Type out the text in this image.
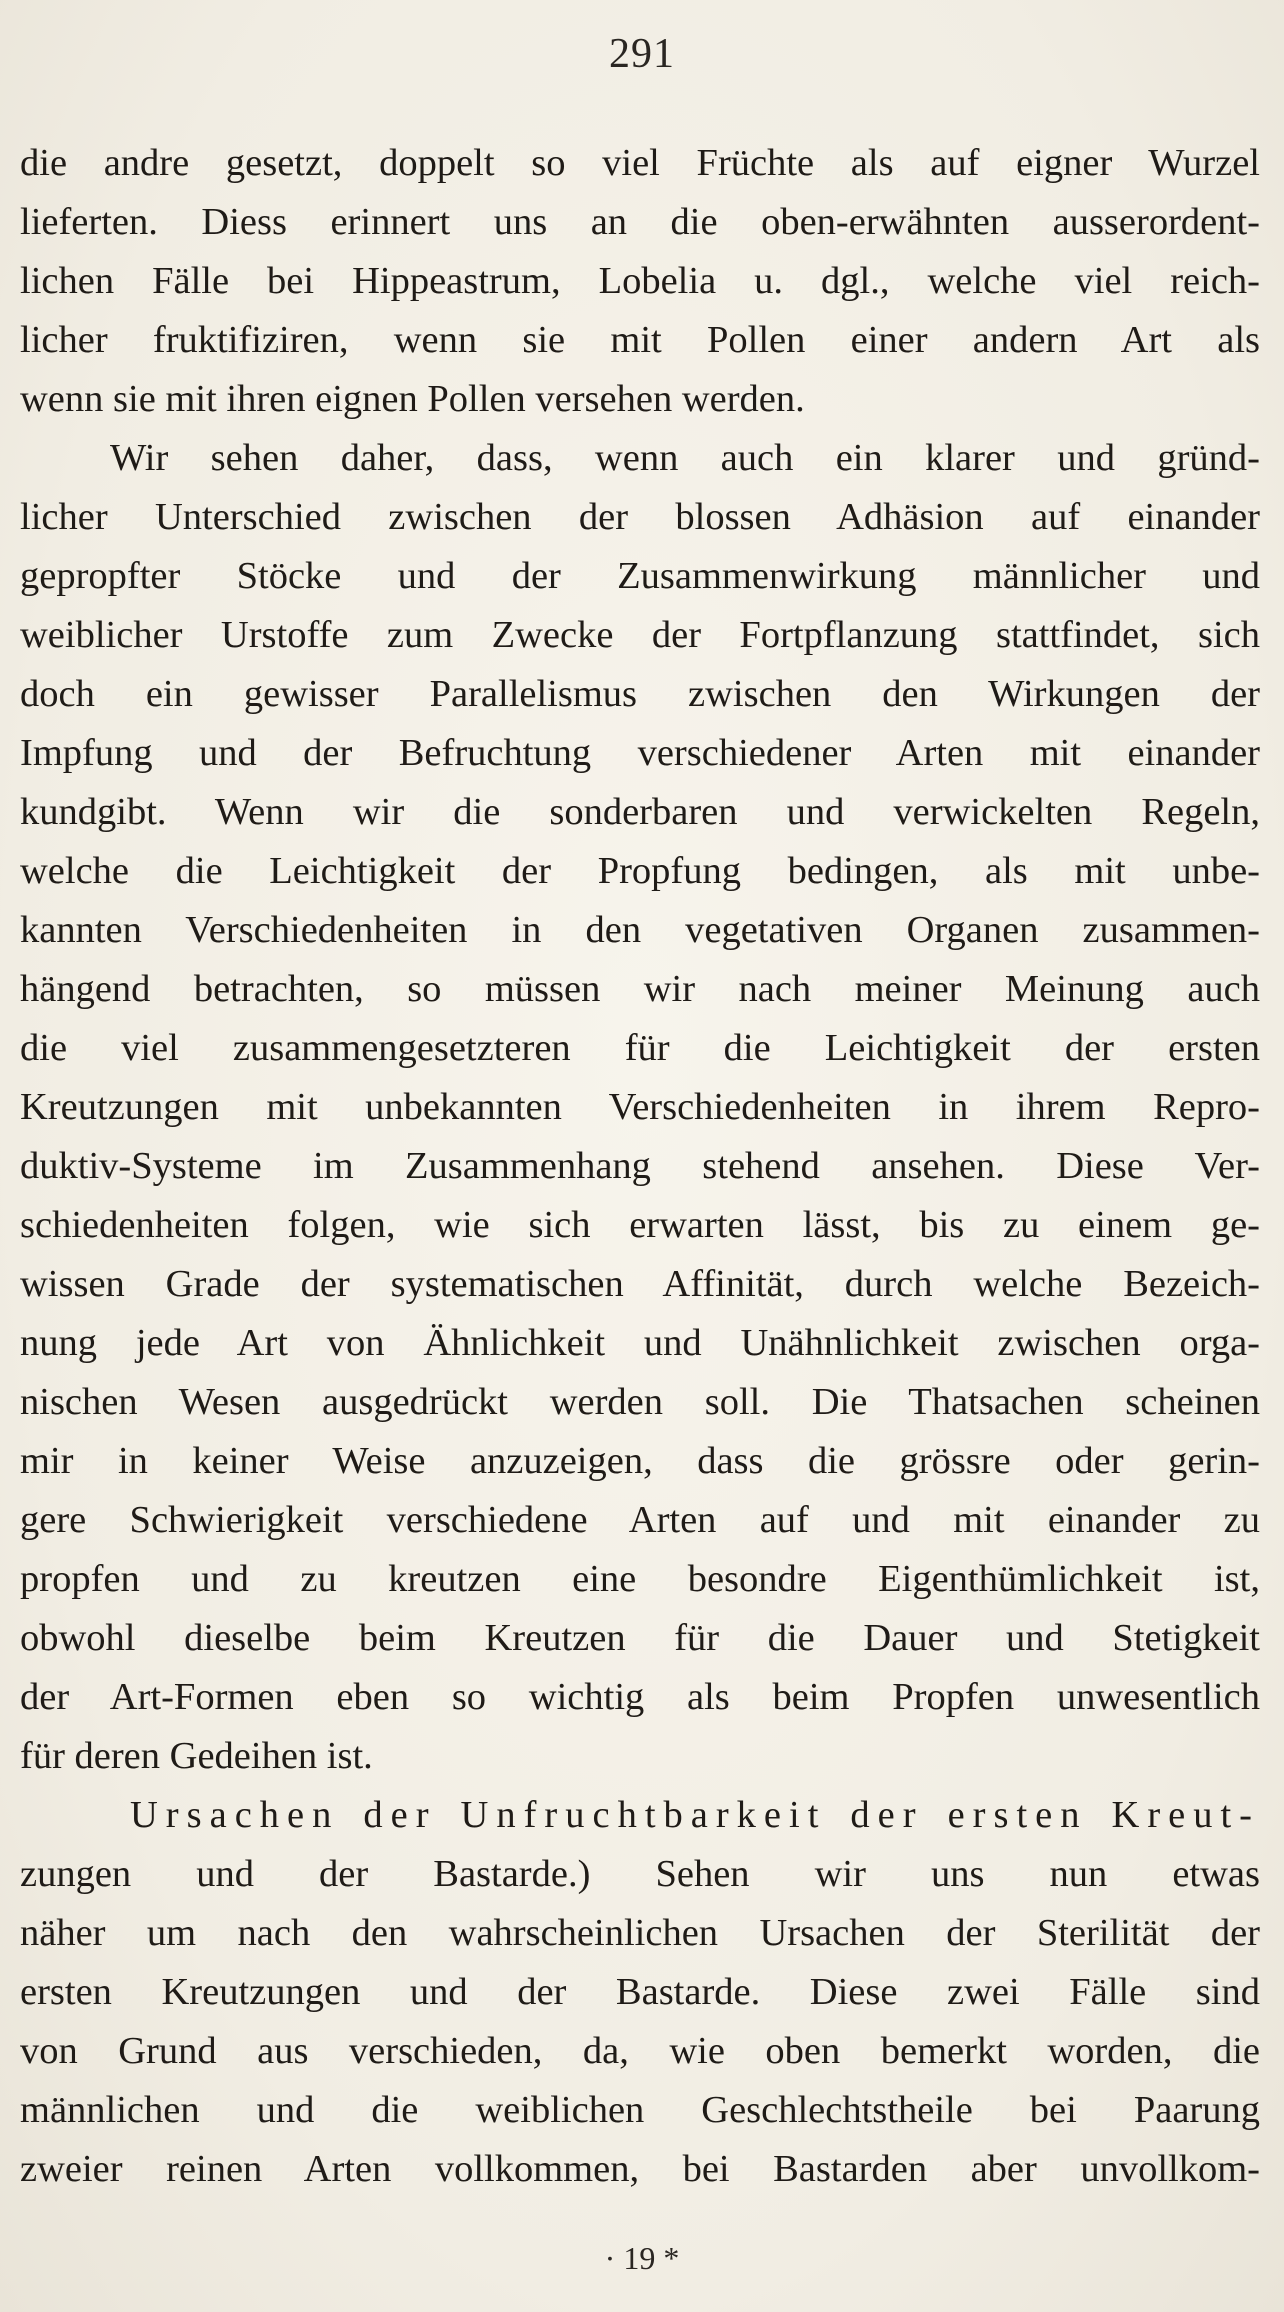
291
die andre gesetzt, doppelt so viel Früchte als auf eigner Wurzel
lieferten. Diess erinnert uns an die oben-erwähnten ausserordent-
lichen Fälle bei Hippeastrum, Lobelia u. dgl., welche viel reich-
licher fruktifiziren, wenn sie mit Pollen einer andern Art als
wenn sie mit ihren eignen Pollen versehen werden.
Wir sehen daher, dass, wenn auch ein klarer und gründ-
licher Unterschied zwischen der blossen Adhäsion auf einander
gepropfter Stöcke und der Zusammenwirkung männlicher und
weiblicher Urstoffe zum Zwecke der Fortpflanzung stattfindet, sich
doch ein gewisser Parallelismus zwischen den Wirkungen der
Impfung und der Befruchtung verschiedener Arten mit einander
kundgibt. Wenn wir die sonderbaren und verwickelten Regeln,
welche die Leichtigkeit der Propfung bedingen, als mit unbe-
kannten Verschiedenheiten in den vegetativen Organen zusammen-
hängend betrachten, so müssen wir nach meiner Meinung auch
die viel zusammengesetzteren für die Leichtigkeit der ersten
Kreutzungen mit unbekannten Verschiedenheiten in ihrem Repro-
duktiv-Systeme im Zusammenhang stehend ansehen. Diese Ver-
schiedenheiten folgen, wie sich erwarten lässt, bis zu einem ge-
wissen Grade der systematischen Affinität, durch welche Bezeich-
nung jede Art von Ähnlichkeit und Unähnlichkeit zwischen orga-
nischen Wesen ausgedrückt werden soll. Die Thatsachen scheinen
mir in keiner Weise anzuzeigen, dass die grössre oder gerin-
gere Schwierigkeit verschiedene Arten auf und mit einander zu
propfen und zu kreutzen eine besondre Eigenthümlichkeit ist,
obwohl dieselbe beim Kreutzen für die Dauer und Stetigkeit
der Art-Formen eben so wichtig als beim Propfen unwesentlich
für deren Gedeihen ist.
Ursachen der Unfruchtbarkeit der ersten Kreut-
zungen und der Bastarde.) Sehen wir uns nun etwas
näher um nach den wahrscheinlichen Ursachen der Sterilität der
ersten Kreutzungen und der Bastarde. Diese zwei Fälle sind
von Grund aus verschieden, da, wie oben bemerkt worden, die
männlichen und die weiblichen Geschlechtstheile bei Paarung
zweier reinen Arten vollkommen, bei Bastarden aber unvollkom-
· 19 *
